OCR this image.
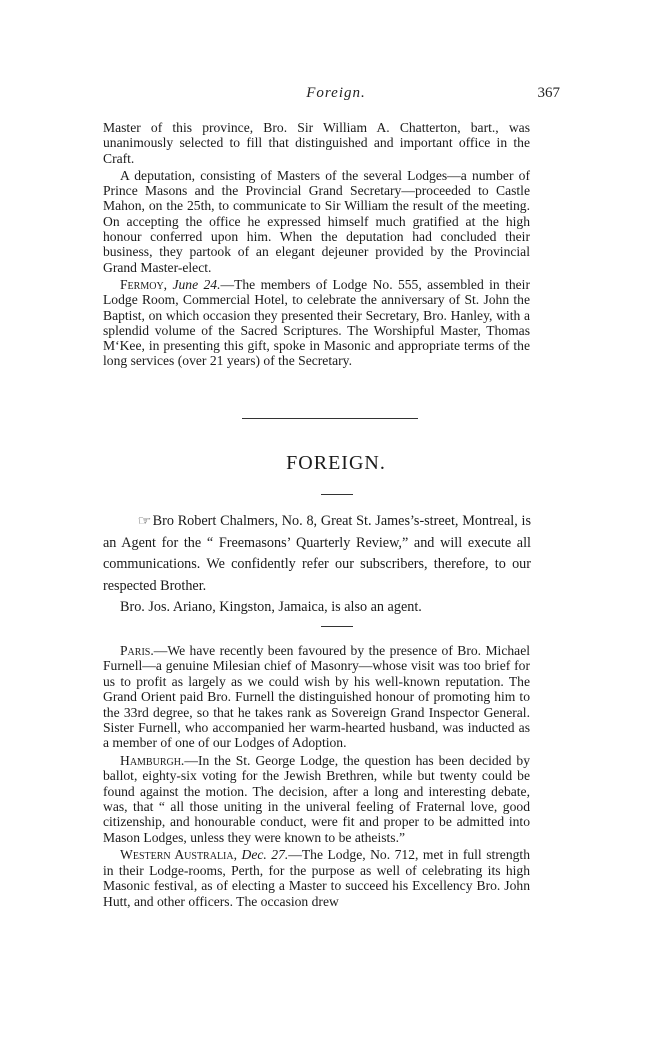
Foreign.	367

Master of this province, Bro. Sir William A. Chatterton, bart., was unanimously selected to fill that distinguished and important office in the Craft.

A deputation, consisting of Masters of the several Lodges—a number of Prince Masons and the Provincial Grand Secretary—proceeded to Castle Mahon, on the 25th, to communicate to Sir William the result of the meeting. On accepting the office he expressed himself much gratified at the high honour conferred upon him. When the deputation had concluded their business, they partook of an elegant dejeuner provided by the Provincial Grand Master-elect.

Fermoy, June 24.—The members of Lodge No. 555, assembled in their Lodge Room, Commercial Hotel, to celebrate the anniversary of St. John the Baptist, on which occasion they presented their Secretary, Bro. Hanley, with a splendid volume of the Sacred Scriptures. The Worshipful Master, Thomas M‘Kee, in presenting this gift, spoke in Masonic and appropriate terms of the long services (over 21 years) of the Secretary.

FOREIGN.

☞Bro Robert Chalmers, No. 8, Great St. James’s-street, Montreal, is an Agent for the “ Freemasons’ Quarterly Review,” and will execute all communications. We confidently refer our subscribers, therefore, to our respected Brother.

Bro. Jos. Ariano, Kingston, Jamaica, is also an agent.

Paris.—We have recently been favoured by the presence of Bro. Michael Furnell—a genuine Milesian chief of Masonry—whose visit was too brief for us to profit as largely as we could wish by his well-known reputation. The Grand Orient paid Bro. Furnell the distinguished honour of promoting him to the 33rd degree, so that he takes rank as Sovereign Grand Inspector General. Sister Furnell, who accompanied her warm-hearted husband, was inducted as a member of one of our Lodges of Adoption.

Hamburgh.—In the St. George Lodge, the question has been decided by ballot, eighty-six voting for the Jewish Brethren, while but twenty could be found against the motion. The decision, after a long and interesting debate, was, that “ all those uniting in the univeral feeling of Fraternal love, good citizenship, and honourable conduct, were fit and proper to be admitted into Mason Lodges, unless they were known to be atheists.”

Western Australia, Dec. 27.—The Lodge, No. 712, met in full strength in their Lodge-rooms, Perth, for the purpose as well of celebrating its high Masonic festival, as of electing a Master to succeed his Excellency Bro. John Hutt, and other officers. The occasion drew
